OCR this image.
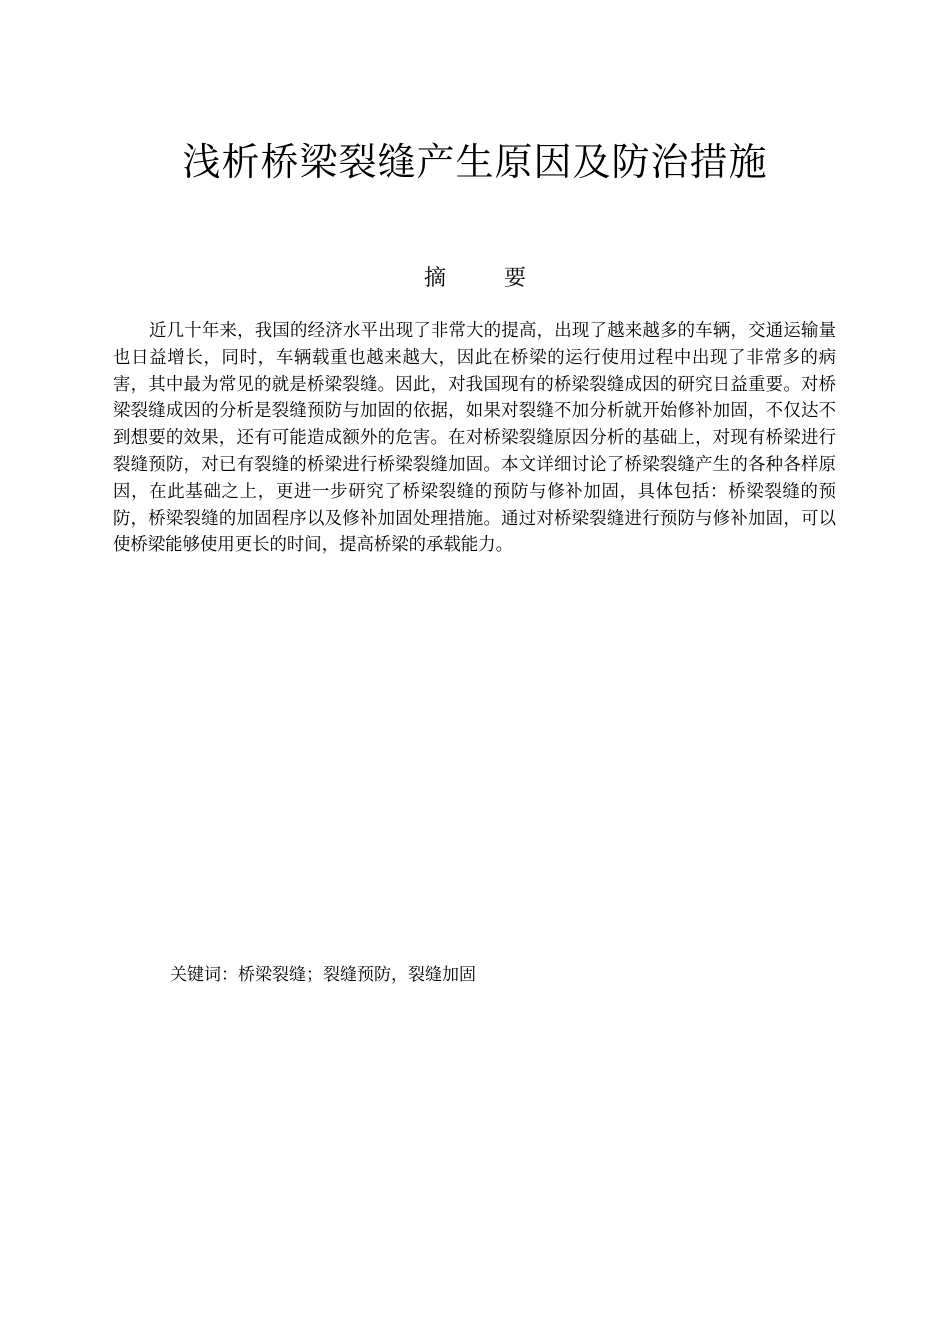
浅析桥梁裂缝产生原因及防治措施
摘　要

近几十年来，我国的经济水平出现了非常大的提高，出现了越来越多的车辆，交通运输量也日益增长，同时，车辆载重也越来越大，因此在桥梁的运行使用过程中出现了非常多的病害，其中最为常见的就是桥梁裂缝。因此，对我国现有的桥梁裂缝成因的研究日益重要。对桥梁裂缝成因的分析是裂缝预防与加固的依据，如果对裂缝不加分析就开始修补加固，不仅达不到想要的效果，还有可能造成额外的危害。在对桥梁裂缝原因分析的基础上，对现有桥梁进行裂缝预防，对已有裂缝的桥梁进行桥梁裂缝加固。本文详细讨论了桥梁裂缝产生的各种各样原因，在此基础之上，更进一步研究了桥梁裂缝的预防与修补加固，具体包括：桥梁裂缝的预防，桥梁裂缝的加固程序以及修补加固处理措施。通过对桥梁裂缝进行预防与修补加固，可以使桥梁能够使用更长的时间，提高桥梁的承载能力。

关键词：桥梁裂缝；裂缝预防，裂缝加固
